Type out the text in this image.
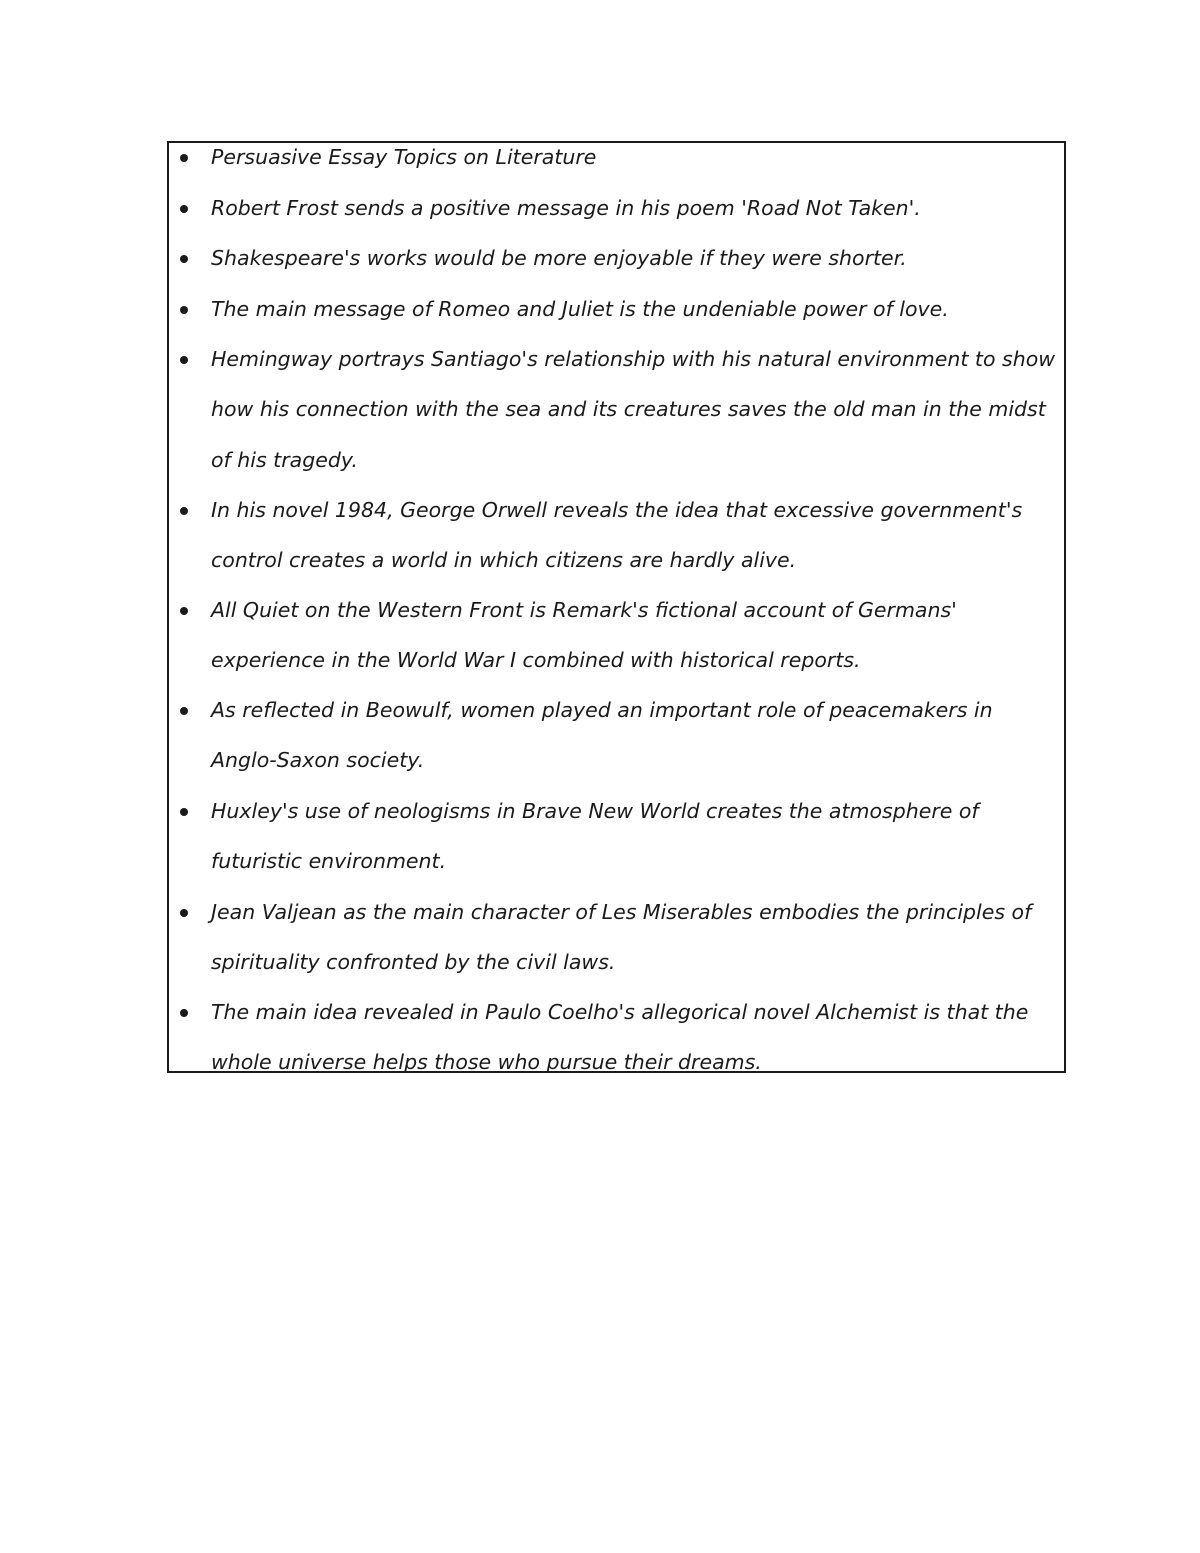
Persuasive Essay Topics on Literature
Robert Frost sends a positive message in his poem 'Road Not Taken'.
Shakespeare's works would be more enjoyable if they were shorter.
The main message of Romeo and Juliet is the undeniable power of love.
Hemingway portrays Santiago's relationship with his natural environment to show how his connection with the sea and its creatures saves the old man in the midst of his tragedy.
In his novel 1984, George Orwell reveals the idea that excessive government's control creates a world in which citizens are hardly alive.
All Quiet on the Western Front is Remark's fictional account of Germans' experience in the World War I combined with historical reports.
As reflected in Beowulf, women played an important role of peacemakers in Anglo-Saxon society.
Huxley's use of neologisms in Brave New World creates the atmosphere of futuristic environment.
Jean Valjean as the main character of Les Miserables embodies the principles of spirituality confronted by the civil laws.
The main idea revealed in Paulo Coelho's allegorical novel Alchemist is that the whole universe helps those who pursue their dreams.
